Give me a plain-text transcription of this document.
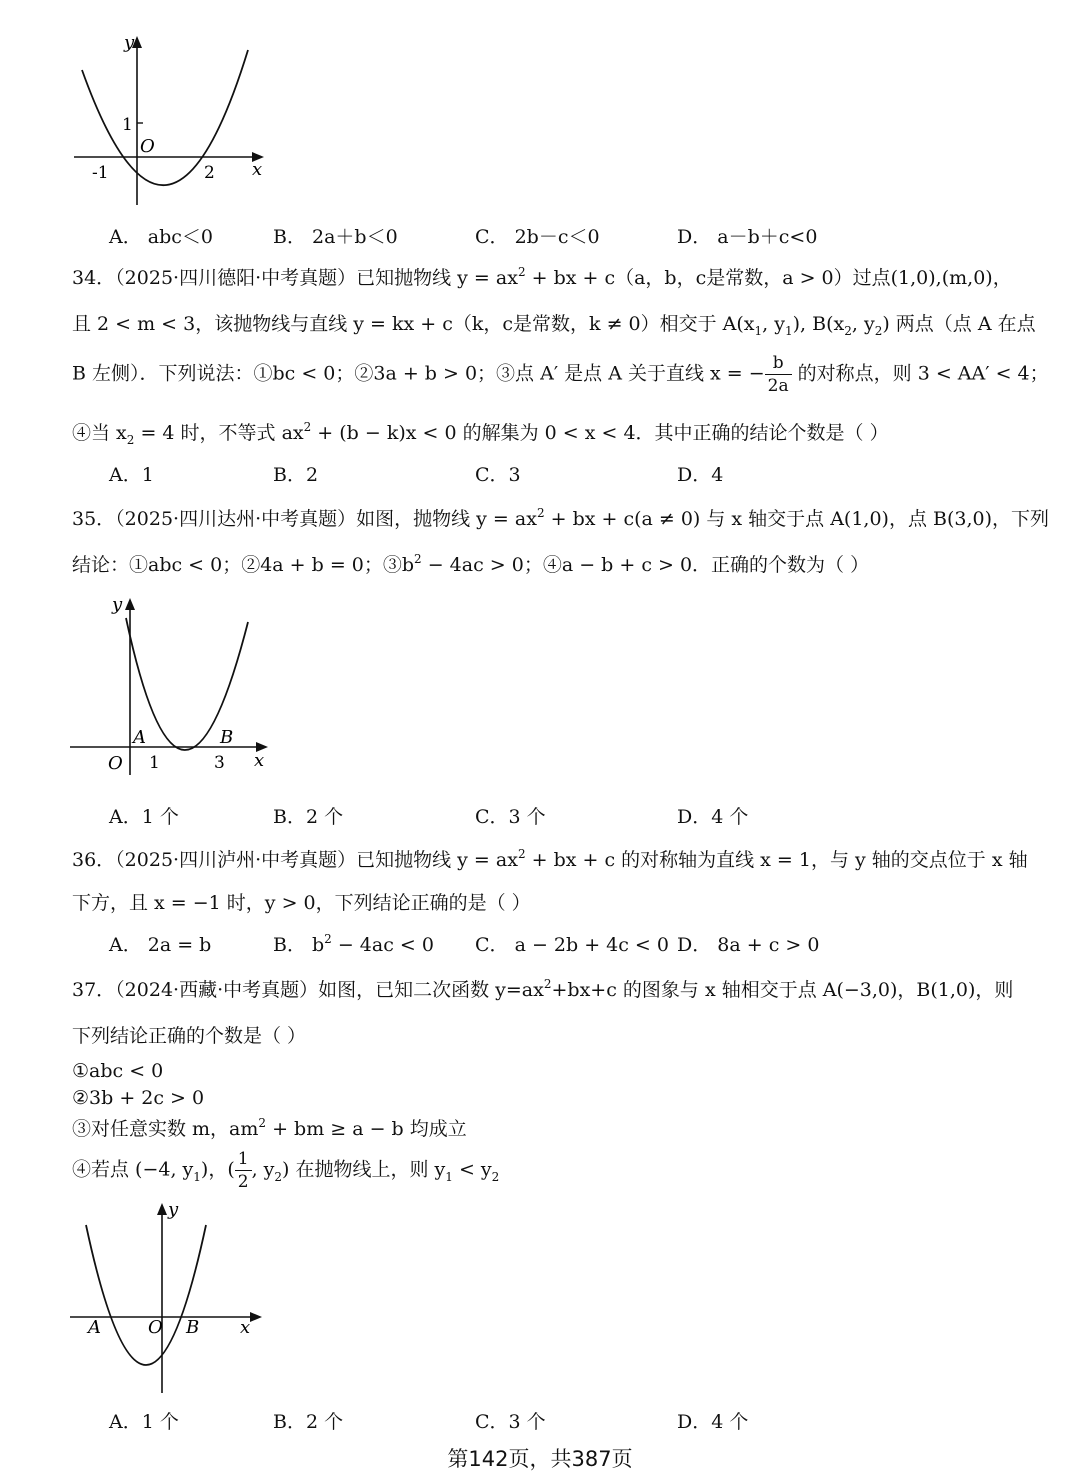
y
x
O
1
-1	2
A． abc＜0	B． 2a＋b＜0	C． 2b－c＜0	D． a－b＋c<0
34．（2025·四川德阳·中考真题）已知抛物线 $y = ax^2$ + bx + c（a，b，c是常数，a > 0）过点(1,0),(m,0)，
且 2 < m < 3，该抛物线与直线 y = kx + c（k，c是常数，k ≠ 0）相交于 $A(x_1$, $y_1$), $B(x_2$, $y_2$) 两点（点 A 在点
B 左侧）．下列说法：①bc < 0；②3a + b > 0；③点 A′ 是点 A 关于直线 x = − $\frac{b}{2a}$ 的对称点，则 3 < AA′ < 4；
④当 $x_2 = 4$ 时，不等式 $ax^2 + (b - k)x < 0$ 的解集为 0 < x < 4．其中正确的结论个数是（ ）
A．1	B．2	C．3	D．4
35．（2025·四川达州·中考真题）如图，抛物线 $y = ax^2$ + bx + c(a ≠ 0) 与 x 轴交于点 A(1,0)，点 B(3,0)，下列
结论：①abc < 0；②4a + b = 0；$③b^2 - 4ac > 0$；④a − b + c > 0．正确的个数为（ ）
y
x
O
A	B
1	3
A．1 个	B．2 个	C．3 个	D．4 个
36．（2025·四川泸州·中考真题）已知抛物线 $y = ax^2$ + bx + c 的对称轴为直线 x = 1，与 y 轴的交点位于 x 轴
下方，且 x = −1 时，y > 0，下列结论正确的是（ ）
A． 2a = b	B． $b^2 - 4ac < 0$ C． a − 2b + 4c < 0 D． 8a + c > 0
37．（2024·西藏·中考真题）如图，已知二次函数 $y=ax^2+bx+c$ 的图象与 x 轴相交于点 A(−3,0)，B(1,0)，则
下列结论正确的个数是（ ）
①abc < 0
②3b + 2c > 0
③对任意实数 m，$am^2$ + bm ≥ a − b 均成立
④若点 (−4, $y_1$)，( $\frac{1}{2}$ , $y_2$) 在抛物线上，则 $y_1 < y_2$
y
x
O
A	B
A．1 个	B．2 个	C．3 个	D．4 个
第142页，共387页
